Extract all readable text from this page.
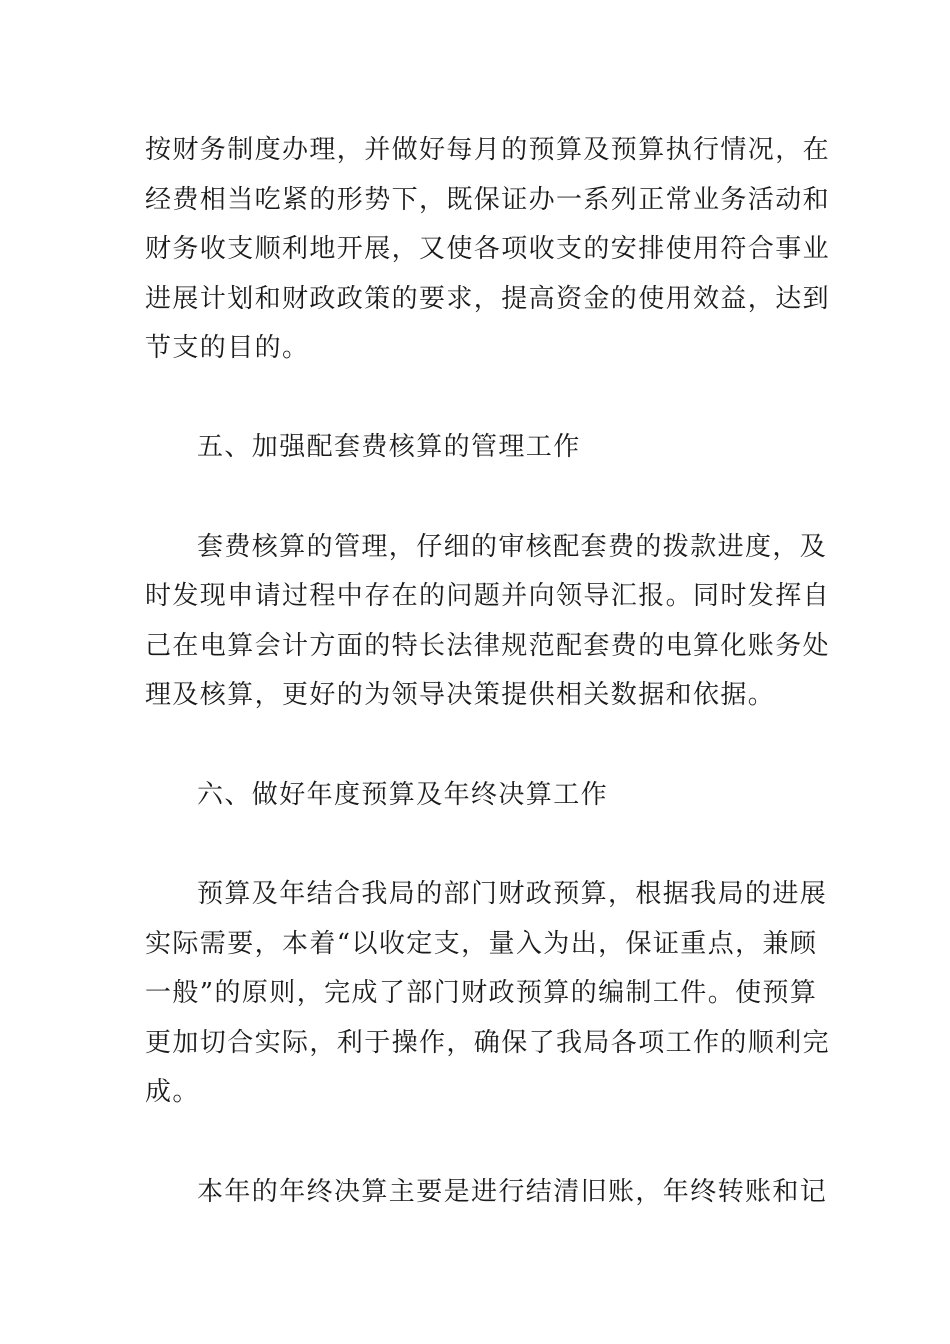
按财务制度办理，并做好每月的预算及预算执行情况，在
经费相当吃紧的形势下，既保证办一系列正常业务活动和
财务收支顺利地开展，又使各项收支的安排使用符合事业
进展计划和财政政策的要求，提高资金的使用效益，达到
节支的目的。
五、加强配套费核算的管理工作
套费核算的管理，仔细的审核配套费的拨款进度，及
时发现申请过程中存在的问题并向领导汇报。同时发挥自
己在电算会计方面的特长法律规范配套费的电算化账务处
理及核算，更好的为领导决策提供相关数据和依据。
六、做好年度预算及年终决算工作
预算及年结合我局的部门财政预算，根据我局的进展
实际需要，本着“以收定支，量入为出，保证重点，兼顾
一般”的原则，完成了部门财政预算的编制工件。使预算
更加切合实际，利于操作，确保了我局各项工作的顺利完
成。
本年的年终决算主要是进行结清旧账，年终转账和记
